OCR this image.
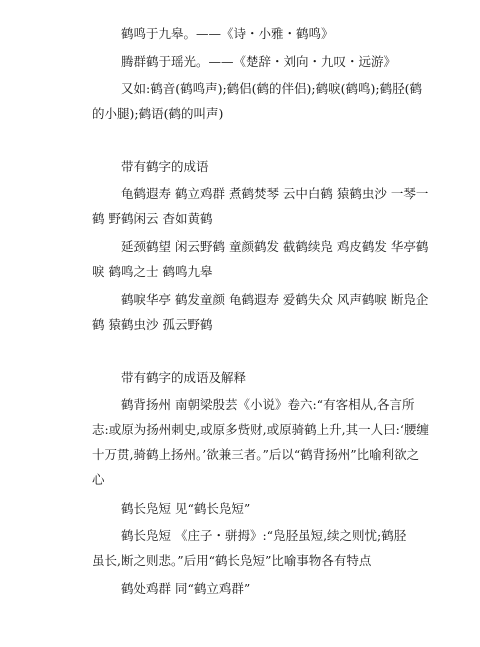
鹤鸣于九皋。——《诗・小雅・鹤鸣》
腾群鹤于瑶光。——《楚辞・刘向・九叹・远游》
又如:鹤音(鹤鸣声);鹤侣(鹤的伴侣);鹤唳(鹤鸣);鹤胫(鹤
的小腿);鹤语(鹤的叫声)
带有鹤字的成语
龟鹤遐寿 鹤立鸡群 煮鹤焚琴 云中白鹤 猿鹤虫沙 一琴一
鹤 野鹤闲云 杳如黄鹤
延颈鹤望 闲云野鹤 童颜鹤发 截鹤续凫 鸡皮鹤发 华亭鹤
唳 鹤鸣之士 鹤鸣九皋
鹤唳华亭 鹤发童颜 龟鹤遐寿 爱鹤失众 风声鹤唳 断凫企
鹤 猿鹤虫沙 孤云野鹤
带有鹤字的成语及解释
鹤背扬州 南朝梁殷芸《小说》卷六:“有客相从,各言所
志:或原为扬州刺史,或原多赀财,或原骑鹤上升,其一人曰:‘腰缠
十万贯,骑鹤上扬州。’欲兼三者。”后以“鹤背扬州”比喻利欲之
心
鹤长凫短 见“鹤长凫短”
鹤长凫短 《庄子・骈拇》:“凫胫虽短,续之则忧;鹤胫
虽长,断之则悲。”后用“鹤长凫短”比喻事物各有特点
鹤处鸡群 同“鹤立鸡群”
